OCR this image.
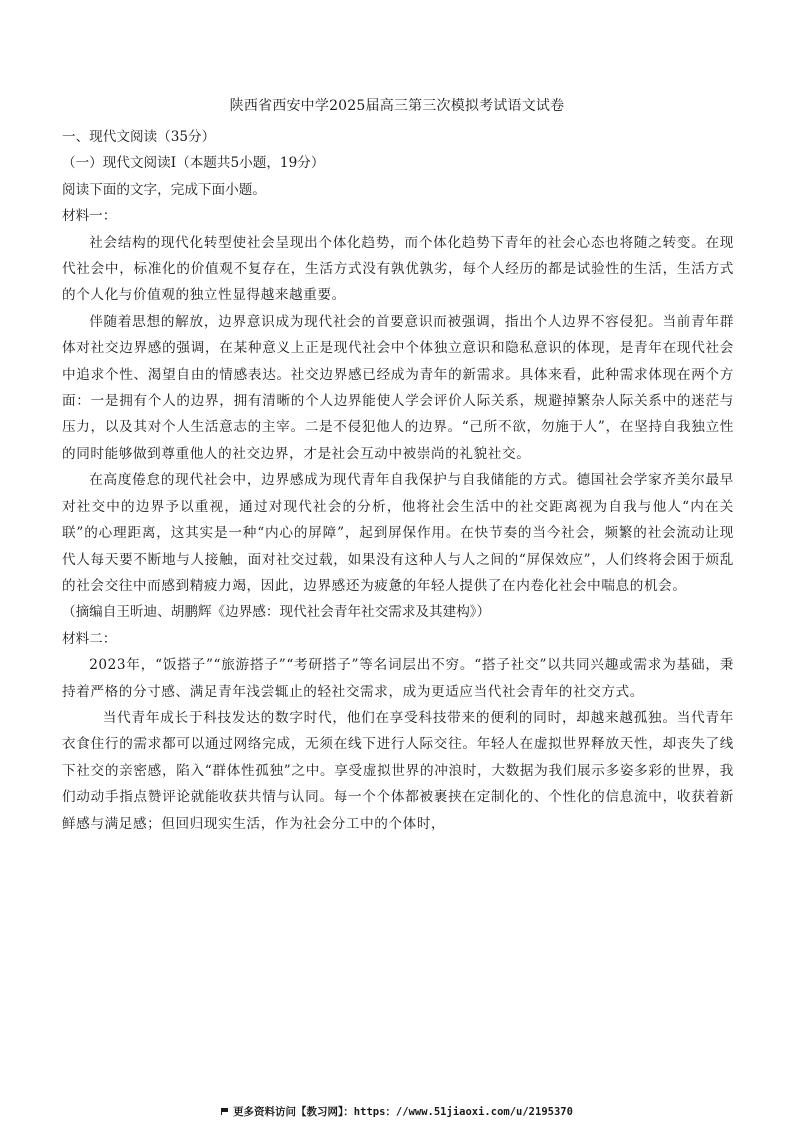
陕西省西安中学2025届高三第三次模拟考试语文试卷
一、现代文阅读（35分）
（一）现代文阅读Ⅰ（本题共5小题，19分）
阅读下面的文字，完成下面小题。
材料一：

社会结构的现代化转型使社会呈现出个体化趋势，而个体化趋势下青年的社会心态也将随之转变。在现代社会中，标准化的价值观不复存在，生活方式没有孰优孰劣，每个人经历的都是试验性的生活，生活方式的个人化与价值观的独立性显得越来越重要。

伴随着思想的解放，边界意识成为现代社会的首要意识而被强调，指出个人边界不容侵犯。当前青年群体对社交边界感的强调，在某种意义上正是现代社会中个体独立意识和隐私意识的体现，是青年在现代社会中追求个性、渴望自由的情感表达。社交边界感已经成为青年的新需求。具体来看，此种需求体现在两个方面：一是拥有个人的边界，拥有清晰的个人边界能使人学会评价人际关系，规避掉繁杂人际关系中的迷茫与压力，以及其对个人生活意志的主宰。二是不侵犯他人的边界。“己所不欲，勿施于人”，在坚持自我独立性的同时能够做到尊重他人的社交边界，才是社会互动中被崇尚的礼貌社交。

在高度倦怠的现代社会中，边界感成为现代青年自我保护与自我储能的方式。德国社会学家齐美尔最早对社交中的边界予以重视，通过对现代社会的分析，他将社会生活中的社交距离视为自我与他人“内在关联”的心理距离，这其实是一种“内心的屏障”，起到屏保作用。在快节奏的当今社会，频繁的社会流动让现代人每天要不断地与人接触，面对社交过载，如果没有这种人与人之间的“屏保效应”，人们终将会困于烦乱的社会交往中而感到精疲力竭，因此，边界感还为疲惫的年轻人提供了在内卷化社会中喘息的机会。

（摘编自王昕迪、胡鹏辉《边界感：现代社会青年社交需求及其建构》）
材料二：

2023年，“饭搭子”“旅游搭子”“考研搭子”等名词层出不穷。“搭子社交”以共同兴趣或需求为基础，秉持着严格的分寸感、满足青年浅尝辄止的轻社交需求，成为更适应当代社会青年的社交方式。

当代青年成长于科技发达的数字时代，他们在享受科技带来的便利的同时，却越来越孤独。当代青年衣食住行的需求都可以通过网络完成，无须在线下进行人际交往。年轻人在虚拟世界释放天性，却丧失了线下社交的亲密感，陷入“群体性孤独”之中。享受虚拟世界的冲浪时，大数据为我们展示多姿多彩的世界，我们动动手指点赞评论就能收获共情与认同。每一个个体都被裹挟在定制化的、个性化的信息流中，收获着新鲜感与满足感；但回归现实生活，作为社会分工中的个体时，

更多资料访问【教习网】：https：//www.51jiaoxi.com/u/2195370
